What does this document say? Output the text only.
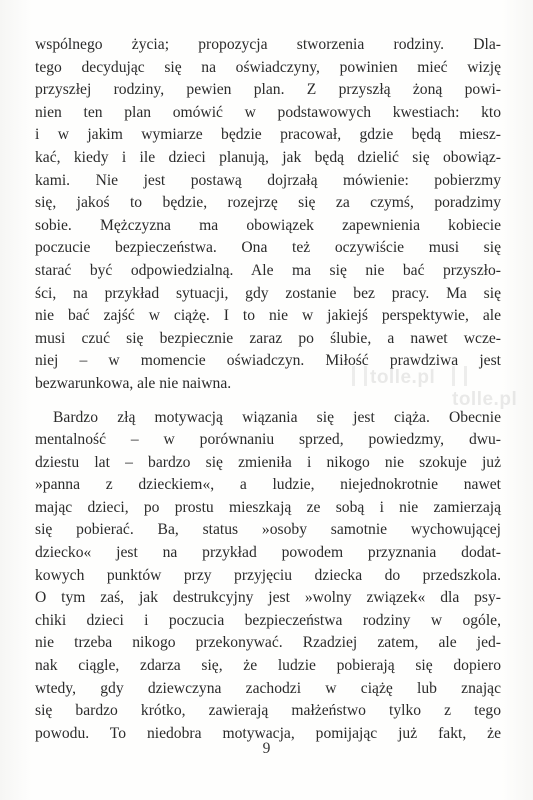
wspólnego życia; propozycja stworzenia rodziny. Dla-
tego decydując się na oświadczyny, powinien mieć wizję
przyszłej rodziny, pewien plan. Z przyszłą żoną powi-
nien ten plan omówić w podstawowych kwestiach: kto
i w jakim wymiarze będzie pracował, gdzie będą miesz-
kać, kiedy i ile dzieci planują, jak będą dzielić się obowiąz-
kami. Nie jest postawą dojrzałą mówienie: pobierzmy
się, jakoś to będzie, rozejrzę się za czymś, poradzimy
sobie. Mężczyzna ma obowiązek zapewnienia kobiecie
poczucie bezpieczeństwa. Ona też oczywiście musi się
starać być odpowiedzialną. Ale ma się nie bać przyszło-
ści, na przykład sytuacji, gdy zostanie bez pracy. Ma się
nie bać zajść w ciążę. I to nie w jakiejś perspektywie, ale
musi czuć się bezpiecznie zaraz po ślubie, a nawet wcze-
niej – w momencie oświadczyn. Miłość prawdziwa jest
bezwarunkowa, ale nie naiwna.
Bardzo złą motywacją wiązania się jest ciąża. Obecnie
mentalność – w porównaniu sprzed, powiedzmy, dwu-
dziestu lat – bardzo się zmieniła i nikogo nie szokuje już
»panna z dzieckiem«, a ludzie, niejednokrotnie nawet
mając dzieci, po prostu mieszkają ze sobą i nie zamierzają
się pobierać. Ba, status »osoby samotnie wychowującej
dziecko« jest na przykład powodem przyznania dodat-
kowych punktów przy przyjęciu dziecka do przedszkola.
O tym zaś, jak destrukcyjny jest »wolny związek« dla psy-
chiki dzieci i poczucia bezpieczeństwa rodziny w ogóle,
nie trzeba nikogo przekonywać. Rzadziej zatem, ale jed-
nak ciągle, zdarza się, że ludzie pobierają się dopiero
wtedy, gdy dziewczyna zachodzi w ciążę lub znając
się bardzo krótko, zawierają małżeństwo tylko z tego
powodu. To niedobra motywacja, pomijając już fakt, że
tolle.pl
tolle.pl
9
